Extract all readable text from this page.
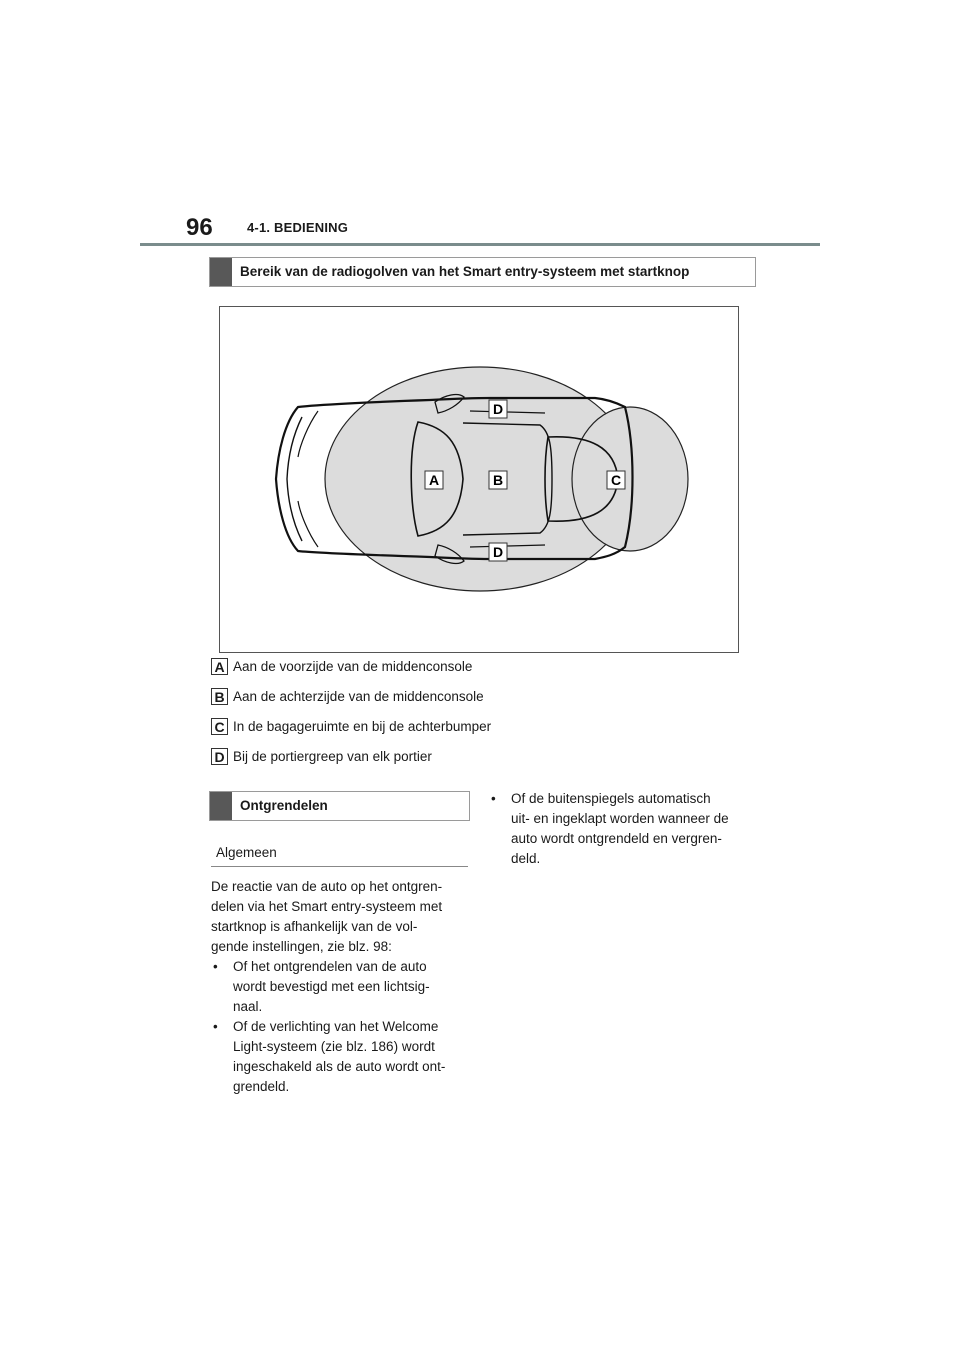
96	4-1. BEDIENING
Bereik van de radiogolven van het Smart entry-systeem met startknop
D
A	B	C
D
A Aan de voorzijde van de middenconsole
B Aan de achterzijde van de middenconsole
C In de bagageruimte en bij de achterbumper
D Bij de portiergreep van elk portier
Ontgrendelen
Algemeen
De reactie van de auto op het ontgren-
delen via het Smart entry-systeem met
startknop is afhankelijk van de vol-
gende instellingen, zie blz. 98:
•	Of het ontgrendelen van de auto
wordt bevestigd met een lichtsig-
naal.
•	Of de verlichting van het Welcome
Light-systeem (zie blz. 186) wordt
ingeschakeld als de auto wordt ont-
grendeld.
•	Of de buitenspiegels automatisch
uit- en ingeklapt worden wanneer de
auto wordt ontgrendeld en vergren-
deld.
